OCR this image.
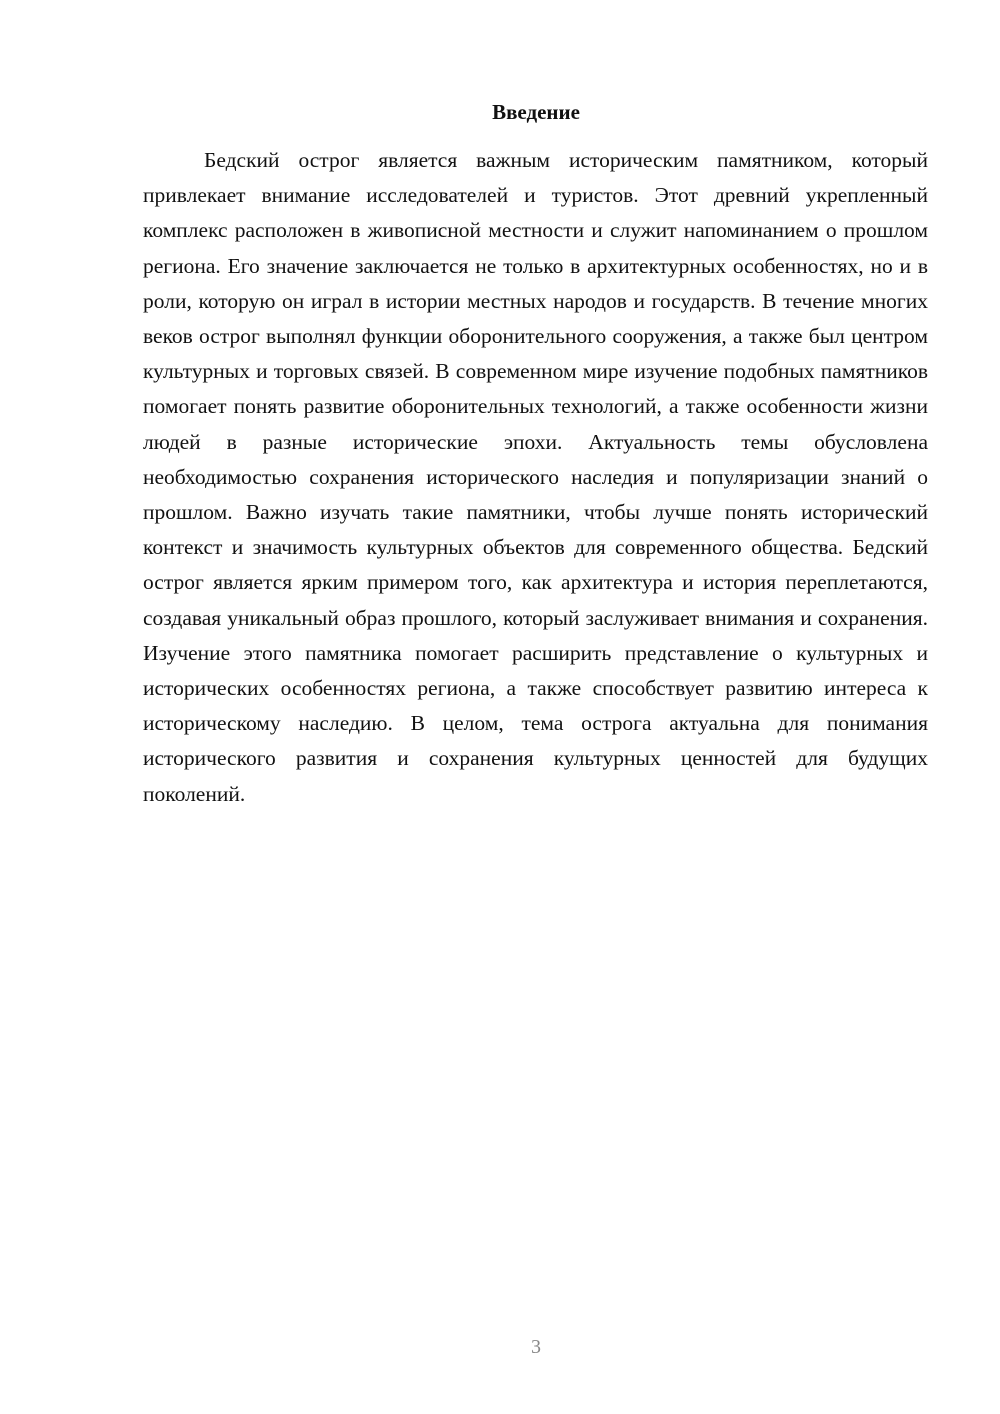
Введение

Бедский острог является важным историческим памятником, который привлекает внимание исследователей и туристов. Этот древний укрепленный комплекс расположен в живописной местности и служит напоминанием о прошлом региона. Его значение заключается не только в архитектурных особенностях, но и в роли, которую он играл в истории местных народов и государств. В течение многих веков острог выполнял функции оборонительного сооружения, а также был центром культурных и торговых связей. В современном мире изучение подобных памятников помогает понять развитие оборонительных технологий, а также особенности жизни людей в разные исторические эпохи. Актуальность темы обусловлена необходимостью сохранения исторического наследия и популяризации знаний о прошлом. Важно изучать такие памятники, чтобы лучше понять исторический контекст и значимость культурных объектов для современного общества. Бедский острог является ярким примером того, как архитектура и история переплетаются, создавая уникальный образ прошлого, который заслуживает внимания и сохранения. Изучение этого памятника помогает расширить представление о культурных и исторических особенностях региона, а также способствует развитию интереса к историческому наследию. В целом, тема острога актуальна для понимания исторического развития и сохранения культурных ценностей для будущих поколений.

3
